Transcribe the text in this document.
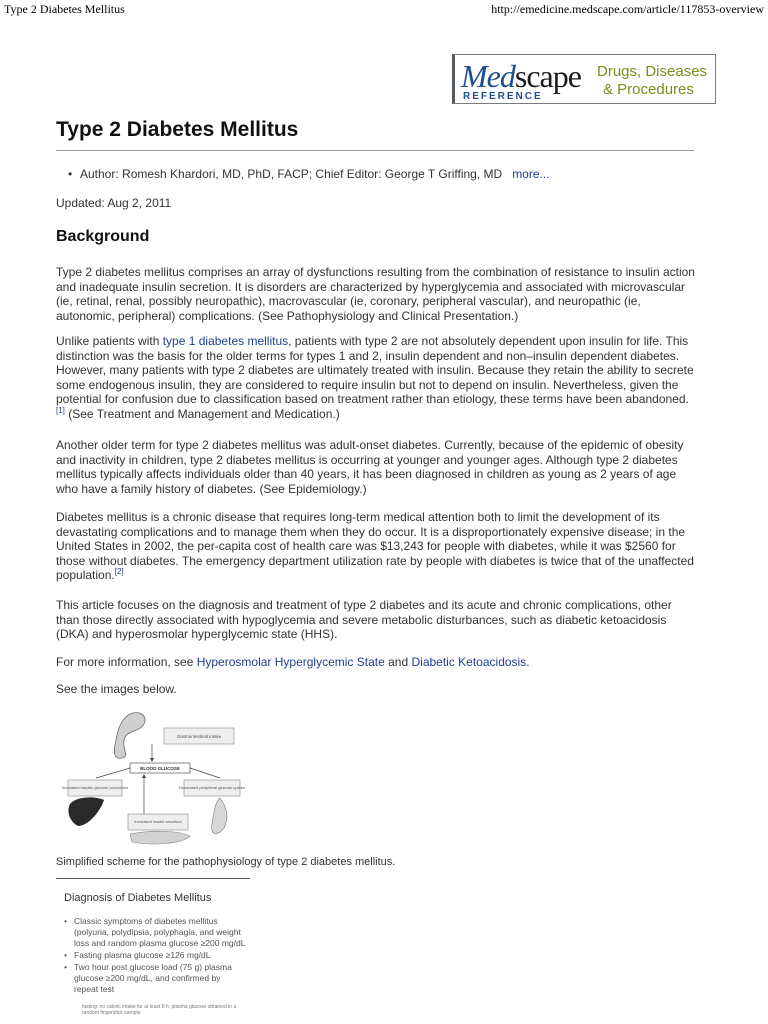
Type 2 Diabetes Mellitus	http://emedicine.medscape.com/article/117853-overview
Medscape
REFERENCE
Drugs, Diseases
& Procedures
Type 2 Diabetes Mellitus
• Author: Romesh Khardori, MD, PhD, FACP; Chief Editor: George T Griffing, MD more...
Updated: Aug 2, 2011
Background

Type 2 diabetes mellitus comprises an array of dysfunctions resulting from the combination of resistance to insulin action and inadequate insulin secretion. It is disorders are characterized by hyperglycemia and associated with microvascular (ie, retinal, renal, possibly neuropathic), macrovascular (ie, coronary, peripheral vascular), and neuropathic (ie, autonomic, peripheral) complications. (See Pathophysiology and Clinical Presentation.)

Unlike patients with type 1 diabetes mellitus, patients with type 2 are not absolutely dependent upon insulin for life. This distinction was the basis for the older terms for types 1 and 2, insulin dependent and non–insulin dependent diabetes. However, many patients with type 2 diabetes are ultimately treated with insulin. Because they retain the ability to secrete some endogenous insulin, they are considered to require insulin but not to depend on insulin. Nevertheless, given the potential for confusion due to classification based on treatment rather than etiology, these terms have been abandoned.[1] (See Treatment and Management and Medication.)

Another older term for type 2 diabetes mellitus was adult-onset diabetes. Currently, because of the epidemic of obesity and inactivity in children, type 2 diabetes mellitus is occurring at younger and younger ages. Although type 2 diabetes mellitus typically affects individuals older than 40 years, it has been diagnosed in children as young as 2 years of age who have a family history of diabetes. (See Epidemiology.)

Diabetes mellitus is a chronic disease that requires long-term medical attention both to limit the development of its devastating complications and to manage them when they do occur. It is a disproportionately expensive disease; in the United States in 2002, the per-capita cost of health care was $13,243 for people with diabetes, while it was $2560 for those without diabetes. The emergency department utilization rate by people with diabetes is twice that of the unaffected population.[2]

This article focuses on the diagnosis and treatment of type 2 diabetes and its acute and chronic complications, other than those directly associated with hypoglycemia and severe metabolic disturbances, such as diabetic ketoacidosis (DKA) and hyperosmolar hyperglycemic state (HHS).

For more information, see Hyperosmolar Hyperglycemic State and Diabetic Ketoacidosis.

See the images below.

Gastrointestinal intake
BLOOD GLUCOSE
Increased hepatic glucose production	Decreased peripheral glucose uptake
Increased insulin secretion
Simplified scheme for the pathophysiology of type 2 diabetes mellitus.
Diagnosis of Diabetes Mellitus
• Classic symptoms of diabetes mellitus (polyuria, polydipsia, polyphagia, and weight loss and random plasma glucose ≥200 mg/dL
• Fasting plasma glucose ≥126 mg/dL
• Two hour post glucose load (75 g) plasma glucose ≥200 mg/dL, and confirmed by repeat test
fasting: no caloric intake for at least 8 h; plasma glucose obtained in a random fingerstick sample
